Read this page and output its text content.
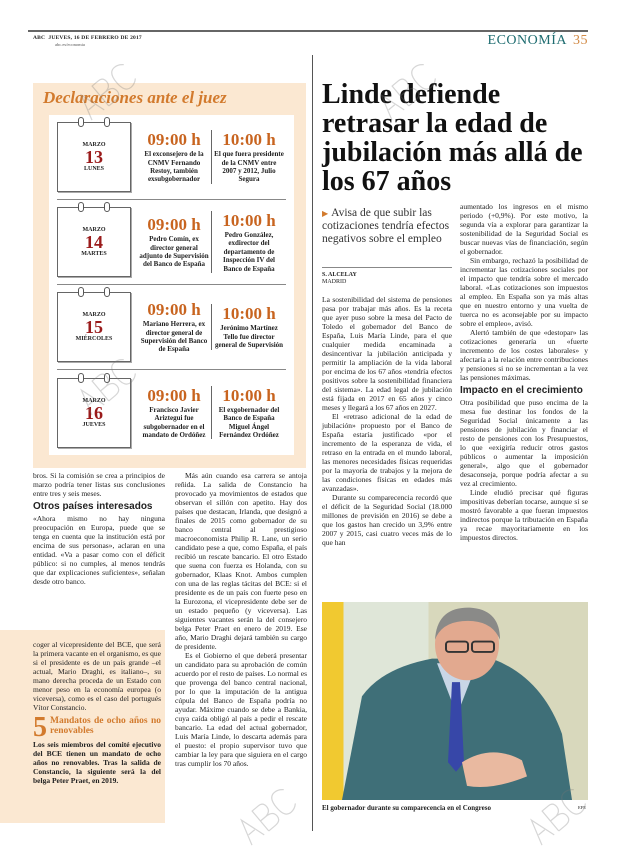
ABC JUEVES, 16 DE FEBRERO DE 2017
abc.es/economia	ECONOMÍA 35
Declaraciones ante el juez
MARZO
13
LUNES
09:00 h
El exconsejero de la CNMV Fernando Restoy, también exsubgobernador
10:00 h
El que fuera presidente de la CNMV entre 2007 y 2012, Julio Segura
MARZO
14
MARTES
09:00 h
Pedro Comín, ex director general adjunto de Supervisión del Banco de España
10:00 h
Pedro González, exdirector del departamento de Inspección IV del Banco de España
MARZO
15
MIÉRCOLES
09:00 h
Mariano Herrera, ex director general de Supervisión del Banco de España
10:00 h
Jerónimo Martínez Tello fue director general de Supervisión
MARZO
16
JUEVES
09:00 h
Francisco Javier Ariztegui fue subgobernador en el mandato de Ordóñez
10:00 h
El exgobernador del Banco de España Miguel Ángel Fernández Ordóñez

bros. Si la comisión se crea a principios de marzo podría tener listas sus conclusiones entre tres y seis meses.

Otros países interesados

«Ahora mismo no hay ninguna preocupación en Europa, puede que se tenga en cuenta que la institución está por encima de sus personas», aclaran en una entidad. «Va a pasar como con el déficit público: si no cumples, al menos tendrás que dar explicaciones suficientes», señalan desde otro banco.

coger al vicepresidente del BCE, que será la primera vacante en el organismo, es que si el presidente es de un país grande –el actual, Mario Draghi, es italiano–, su mano derecha proceda de un Estado con menor peso en la economía europea (o viceversa), como es el caso del portugués Vítor Constancio.

5 Mandatos de ocho años no renovables

Los seis miembros del comité ejecutivo del BCE tienen un mandato de ocho años no renovables. Tras la salida de Constancio, la siguiente será la del belga Peter Praet, en 2019.

Más aún cuando esa carrera se antoja reñida. La salida de Constancio ha provocado ya movimientos de estados que observan el sillón con apetito. Hay dos países que destacan, Irlanda, que designó a finales de 2015 como gobernador de su banco central al prestigioso macroeconomista Philip R. Lane, un serio candidato pese a que, como España, el país recibió un rescate bancario. El otro Estado que suena con fuerza es Holanda, con su gobernador, Klaas Knot. Ambos cumplen con una de las reglas tácitas del BCE: si el presidente es de un país con fuerte peso en la Eurozona, el vicepresidente debe ser de un estado pequeño (y viceversa). Las siguientes vacantes serán la del consejero belga Peter Praet en enero de 2019. Ese año, Mario Draghi dejará también su cargo de presidente.

Es el Gobierno el que deberá presentar un candidato para su aprobación de común acuerdo por el resto de países. Lo normal es que provenga del banco central nacional, por lo que la imputación de la antigua cúpula del Banco de España podría no ayudar. Máxime cuando se debe a Bankia, cuya caída obligó al país a pedir el rescate bancario. La edad del actual gobernador, Luis María Linde, lo descarta además para el puesto: el propio supervisor tuvo que cambiar la ley para que siguiera en el cargo tras cumplir los 70 años.

Linde defiende retrasar la edad de jubilación más allá de los 67 años
▶ Avisa de que subir las cotizaciones tendría efectos negativos sobre el empleo
S. ALCELAY
MADRID

La sostenibilidad del sistema de pensiones pasa por trabajar más años. Es la receta que ayer puso sobre la mesa del Pacto de Toledo el gobernador del Banco de España, Luis María Linde, para el que cualquier medida encaminada a desincentivar la jubilación anticipada y permitir la ampliación de la vida laboral por encima de los 67 años «tendría efectos positivos sobre la sostenibilidad financiera del sistema». La edad legal de jubilación está fijada en 2017 en 65 años y cinco meses y llegará a los 67 años en 2027.

El «retraso adicional de la edad de jubilación» propuesto por el Banco de España estaría justificado «por el incremento de la esperanza de vida, el retraso en la entrada en el mundo laboral, las menores necesidades físicas requeridas por la mayoría de trabajos y la mejora de las condiciones físicas en edades más avanzadas».

Durante su comparecencia recordó que el déficit de la Seguridad Social (18.000 millones de previsión en 2016) se debe a que los gastos han crecido un 3,9% entre 2007 y 2015, casi cuatro veces más de lo que han

aumentado los ingresos en el mismo periodo (+0,9%). Por este motivo, la segunda vía a explorar para garantizar la sostenibilidad de la Seguridad Social es buscar nuevas vías de financiación, según el gobernador.

Sin embargo, rechazó la posibilidad de incrementar las cotizaciones sociales por el impacto que tendría sobre el mercado laboral. «Las cotizaciones son impuestos al empleo. En España son ya más altas que en nuestro entorno y una vuelta de tuerca no es aconsejable por su impacto sobre el empleo», avisó.

Alertó también de que «destopar» las cotizaciones generaría un «fuerte incremento de los costes laborales» y afectaría a la relación entre contribuciones y pensiones si no se incrementan a la vez las pensiones máximas.

Impacto en el crecimiento

Otra posibilidad que puso encima de la mesa fue destinar los fondos de la Seguridad Social únicamente a las pensiones de jubilación y financiar el resto de pensiones con los Presupuestos, lo que «exigiría reducir otros gastos públicos o aumentar la imposición general», algo que el gobernador desaconseja, porque podría afectar a su vez al crecimiento.

Linde eludió precisar qué figuras impositivas deberían tocarse, aunque sí se mostró favorable a que fueran impuestos indirectos porque la tributación en España ya recae mayoritariamente en los impuestos directos.

El gobernador durante su comparecencia en el Congreso	EFE
